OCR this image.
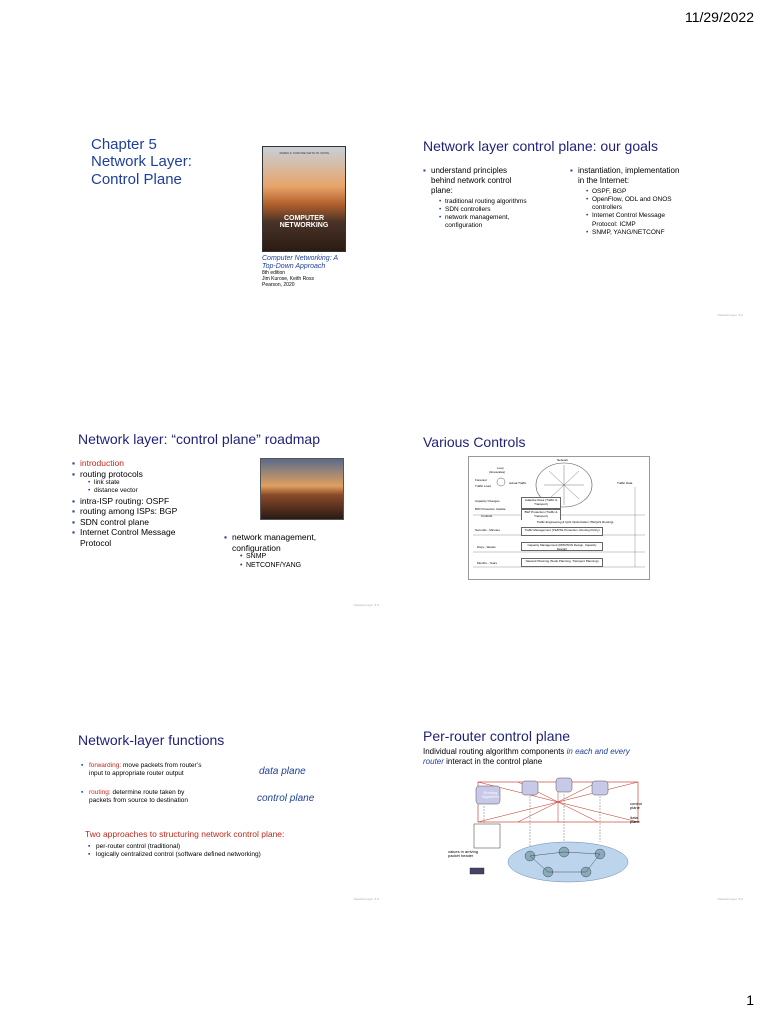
11/29/2022
Chapter 5
Network Layer:
Control Plane
JAMES F. KUROSE KEITH W. ROSS
COMPUTER
NETWORKING
Computer Networking: A
Top-Down Approach
8th edition
Jim Kurose, Keith Ross
Pearson, 2020
Network layer control plane: our goals
▪ understand principles
behind network control
plane:
• traditional routing algorithms
• SDN controllers
• network management,
configuration
▪ instantiation, implementation
in the Internet:
• OSPF, BGP
• OpenFlow, ODL and ONOS
controllers
• Internet Control Message
Protocol: ICMP
• SNMP, YANG/NETCONF
Network Layer: 5-2
Network layer: “control plane” roadmap
▪ introduction
▪ routing protocols
• link state
• distance vector
▪ intra-ISP routing: OSPF
▪ routing among ISPs: BGP
▪ SDN control plane
▪ Internet Control Message
Protocol
▪ network management,
configuration
• SNMP
• NETCONF/YANG
Network Layer: 5-3
Various Controls
Network
Loop
(timescales)
Forecast
Traffic Load
Actual Traffic	Traffic Data
Capacity Changes
BW/ Protection Update
Controls
Seconds - Minutes
Days - Weeks
Months - Years
Adaptive flows (Traffic & Transport)
BW/ Protection (Traffic & Transport)
Traffic Engineering & QoS Optimization (TE/QoS Routing)
Traffic Management (TE/RTE Protection, Routing Policy)
Capacity Management (RPR/SON Design, Capacity Design)
Network Planning (Node Planning, Transport Planning)
Network-layer functions
▪ forwarding: move packets from router’s
input to appropriate router output
▪ routing: determine route taken by
packets from source to destination
data plane
control plane
Two approaches to structuring network control plane:
▪ per-router control (traditional)
▪ logically centralized control (software defined networking)
Network Layer: 5-5
Per-router control plane
Individual routing algorithm components in each and every
router interact in the control plane
Routing
Algorithm
control
plane
data
plane
values in arriving
packet header
Network Layer: 5-6
1
